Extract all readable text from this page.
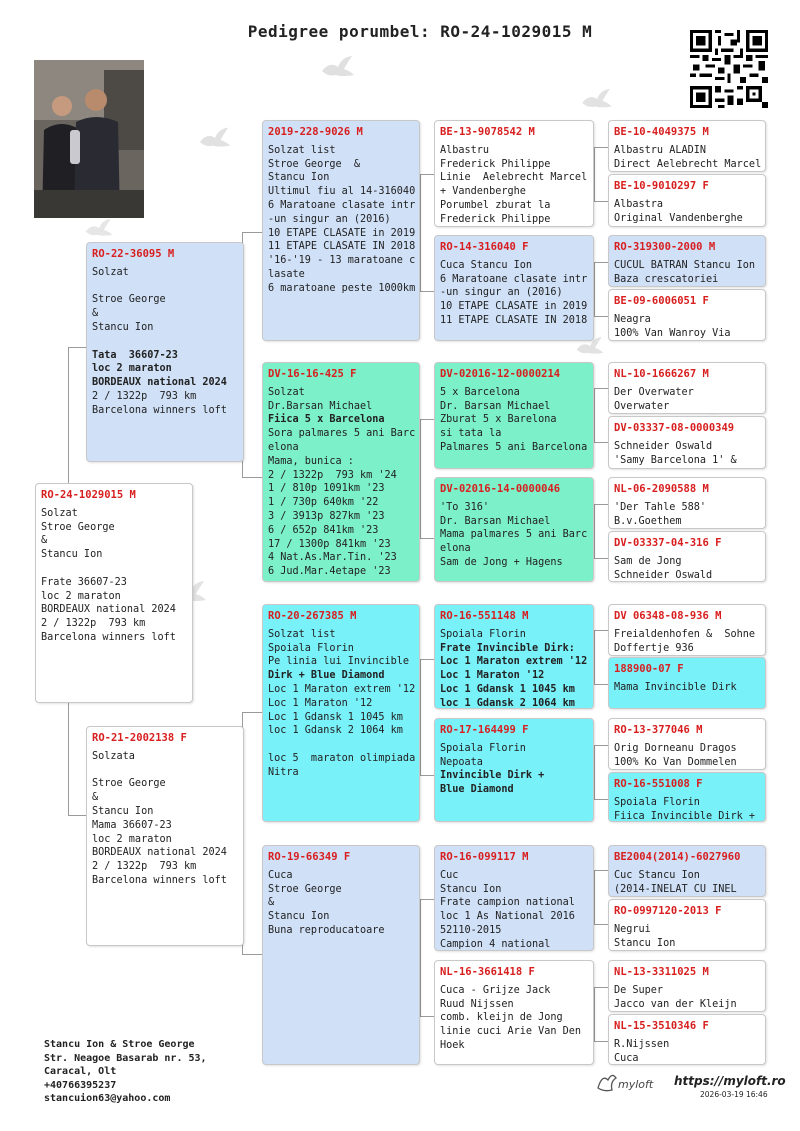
Pedigree porumbel: RO-24-1029015 M
RO-24-1029015 M
Solzat
Stroe George
&
Stancu Ion
Frate 36607-23
loc 2 maraton
BORDEAUX national 2024
2 / 1322p  793 km
Barcelona winners loft
RO-22-36095 M
Solzat
Stroe George
&
Stancu Ion
Tata  36607-23
loc 2 maraton
BORDEAUX national 2024
2 / 1322p  793 km
Barcelona winners loft
RO-21-2002138 F
Solzata
Stroe George
&
Stancu Ion
Mama 36607-23
loc 2 maraton
BORDEAUX national 2024
2 / 1322p  793 km
Barcelona winners loft
2019-228-9026 M
Solzat list
Stroe George  &
Stancu Ion
Ultimul fiu al 14-316040
6 Maratoane clasate intr
-un singur an (2016)
10 ETAPE CLASATE in 2019
11 ETAPE CLASATE IN 2018
'16-'19 - 13 maratoane c
lasate
6 maratoane peste 1000km
DV-16-16-425 F
Solzat
Dr.Barsan Michael
Fiica 5 x Barcelona
Sora palmares 5 ani Barc
elona
Mama, bunica :
2 / 1322p  793 km '24
1 / 810p 1091km '23
1 / 730p 640km '22
3 / 3913p 827km '23
6 / 652p 841km '23
17 / 1300p 841km '23
4 Nat.As.Mar.Tin. '23
6 Jud.Mar.4etape '23
RO-20-267385 M
Solzat list
Spoiala Florin
Pe linia lui Invincible
Dirk + Blue Diamond
Loc 1 Maraton extrem '12
Loc 1 Maraton '12
Loc 1 Gdansk 1 1045 km
loc 1 Gdansk 2 1064 km
loc 5  maraton olimpiada
Nitra
RO-19-66349 F
Cuca
Stroe George
&
Stancu Ion
Buna reproducatoare
BE-13-9078542 M
Albastru
Frederick Philippe
Linie  Aelebrecht Marcel
+ Vandenberghe
Porumbel zburat la
Frederick Philippe
RO-14-316040 F
Cuca Stancu Ion
6 Maratoane clasate intr
-un singur an (2016)
10 ETAPE CLASATE in 2019
11 ETAPE CLASATE IN 2018
DV-02016-12-0000214
5 x Barcelona
Dr. Barsan Michael
Zburat 5 x Barelona
si tata la
Palmares 5 ani Barcelona
DV-02016-14-0000046
'To 316'
Dr. Barsan Michael
Mama palmares 5 ani Barc
elona
Sam de Jong + Hagens
RO-16-551148 M
Spoiala Florin
Frate Invincible Dirk:
Loc 1 Maraton extrem '12
Loc 1 Maraton '12
Loc 1 Gdansk 1 1045 km
loc 1 Gdansk 2 1064 km
RO-17-164499 F
Spoiala Florin
Nepoata
Invincible Dirk +
Blue Diamond
RO-16-099117 M
Cuc
Stancu Ion
Frate campion national
loc 1 As National 2016
52110-2015
Campion 4 national
NL-16-3661418 F
Cuca - Grijze Jack
Ruud Nijssen
comb. kleijn de Jong
linie cuci Arie Van Den
Hoek
BE-10-4049375 M
Albastru ALADIN
Direct Aelebrecht Marcel
BE-10-9010297 F
Albastra
Original Vandenberghe
RO-319300-2000 M
CUCUL BATRAN Stancu Ion
Baza crescatoriei
BE-09-6006051 F
Neagra
100% Van Wanroy Via
NL-10-1666267 M
Der Overwater
Overwater
DV-03337-08-0000349
Schneider Oswald
'Samy Barcelona 1' &
NL-06-2090588 M
'Der Tahle 588'
B.v.Goethem
DV-03337-04-316 F
Sam de Jong
Schneider Oswald
DV 06348-08-936 M
Freialdenhofen &  Sohne
Doffertje 936
188900-07 F
Mama Invincible Dirk
RO-13-377046 M
Orig Dorneanu Dragos
100% Ko Van Dommelen
RO-16-551008 F
Spoiala Florin
Fiica Invincible Dirk +
BE2004(2014)-6027960
Cuc Stancu Ion
(2014-INELAT CU INEL
RO-0997120-2013 F
Negrui
Stancu Ion
NL-13-3311025 M
De Super
Jacco van der Kleijn
NL-15-3510346 F
R.Nijssen
Cuca
Stancu Ion & Stroe George
Str. Neagoe Basarab nr. 53,
Caracal, Olt
+40766395237
stancuion63@yahoo.com
myloft https://myloft.ro
2026-03-19 16:46
